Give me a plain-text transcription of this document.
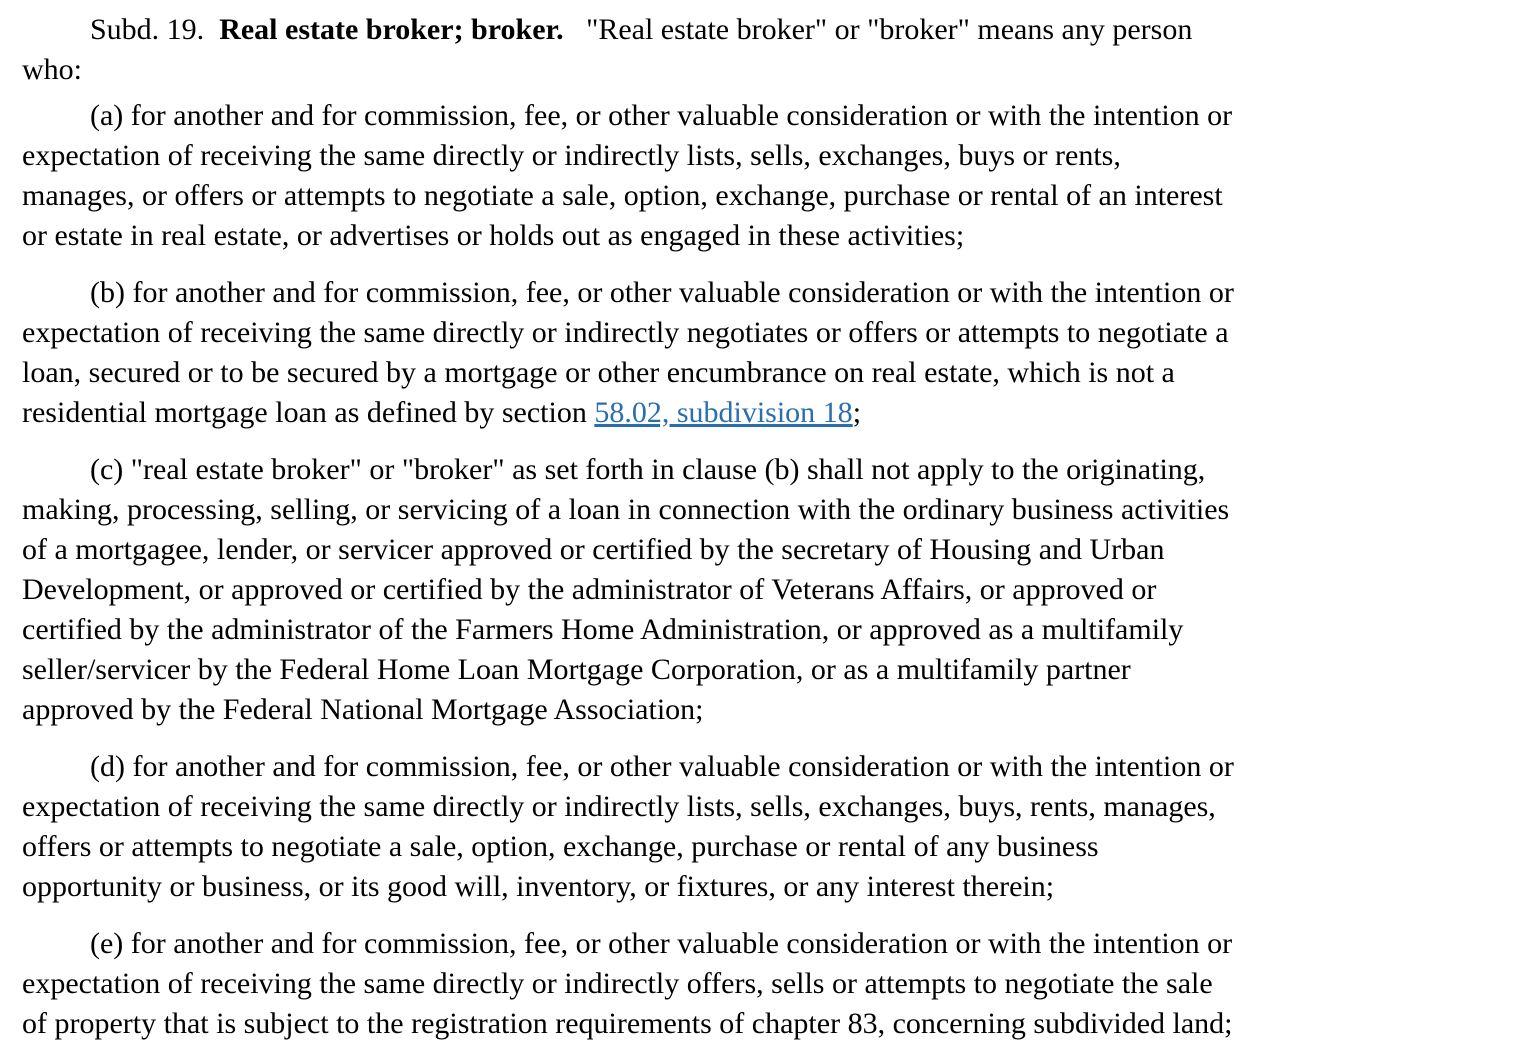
Subd. 19. Real estate broker; broker. "Real estate broker" or "broker" means any person
who:
(a) for another and for commission, fee, or other valuable consideration or with the intention or
expectation of receiving the same directly or indirectly lists, sells, exchanges, buys or rents,
manages, or offers or attempts to negotiate a sale, option, exchange, purchase or rental of an interest
or estate in real estate, or advertises or holds out as engaged in these activities;
(b) for another and for commission, fee, or other valuable consideration or with the intention or
expectation of receiving the same directly or indirectly negotiates or offers or attempts to negotiate a
loan, secured or to be secured by a mortgage or other encumbrance on real estate, which is not a
residential mortgage loan as defined by section 58.02, subdivision 18;
(c) "real estate broker" or "broker" as set forth in clause (b) shall not apply to the originating,
making, processing, selling, or servicing of a loan in connection with the ordinary business activities
of a mortgagee, lender, or servicer approved or certified by the secretary of Housing and Urban
Development, or approved or certified by the administrator of Veterans Affairs, or approved or
certified by the administrator of the Farmers Home Administration, or approved as a multifamily
seller/servicer by the Federal Home Loan Mortgage Corporation, or as a multifamily partner
approved by the Federal National Mortgage Association;
(d) for another and for commission, fee, or other valuable consideration or with the intention or
expectation of receiving the same directly or indirectly lists, sells, exchanges, buys, rents, manages,
offers or attempts to negotiate a sale, option, exchange, purchase or rental of any business
opportunity or business, or its good will, inventory, or fixtures, or any interest therein;
(e) for another and for commission, fee, or other valuable consideration or with the intention or
expectation of receiving the same directly or indirectly offers, sells or attempts to negotiate the sale
of property that is subject to the registration requirements of chapter 83, concerning subdivided land;
